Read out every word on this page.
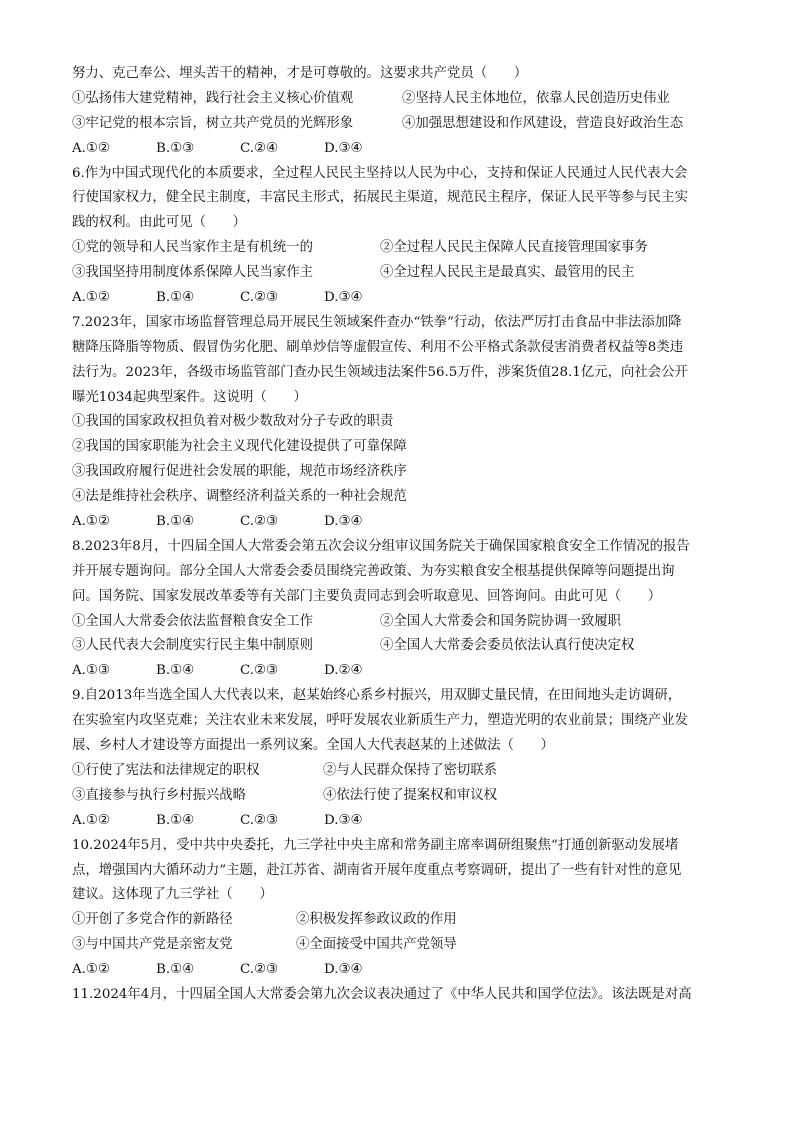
努力、克己奉公、埋头苦干的精神，才是可尊敬的。这要求共产党员（　　）
①弘扬伟大建党精神，践行社会主义核心价值观	②坚持人民主体地位，依靠人民创造历史伟业
③牢记党的根本宗旨，树立共产党员的光辉形象	④加强思想建设和作风建设，营造良好政治生态
A.①②	B.①③	C.②④	D.③④
6.作为中国式现代化的本质要求，全过程人民民主坚持以人民为中心，支持和保证人民通过人民代表大会
行使国家权力，健全民主制度，丰富民主形式，拓展民主渠道，规范民主程序，保证人民平等参与民主实
践的权利。由此可见（　　）
①党的领导和人民当家作主是有机统一的	②全过程人民民主保障人民直接管理国家事务
③我国坚持用制度体系保障人民当家作主	④全过程人民民主是最真实、最管用的民主
A.①②	B.①④	C.②③	D.③④
7.2023年，国家市场监督管理总局开展民生领域案件查办“铁拳”行动，依法严厉打击食品中非法添加降
糖降压降脂等物质、假冒伪劣化肥、刷单炒信等虚假宣传、利用不公平格式条款侵害消费者权益等8类违
法行为。2023年，各级市场监管部门查办民生领域违法案件56.5万件，涉案货值28.1亿元，向社会公开
曝光1034起典型案件。这说明（　　）
①我国的国家政权担负着对极少数敌对分子专政的职责
②我国的国家职能为社会主义现代化建设提供了可靠保障
③我国政府履行促进社会发展的职能，规范市场经济秩序
④法是维持社会秩序、调整经济利益关系的一种社会规范
A.①②	B.①④	C.②③	D.③④
8.2023年8月，十四届全国人大常委会第五次会议分组审议国务院关于确保国家粮食安全工作情况的报告
并开展专题询问。部分全国人大常委会委员围绕完善政策、为夯实粮食安全根基提供保障等问题提出询
问。国务院、国家发展改革委等有关部门主要负责同志到会听取意见、回答询问。由此可见（　　）
①全国人大常委会依法监督粮食安全工作	②全国人大常委会和国务院协调一致履职
③人民代表大会制度实行民主集中制原则	④全国人大常委会委员依法认真行使决定权
A.①③	B.①④	C.②③	D.②④
9.自2013年当选全国人大代表以来，赵某始终心系乡村振兴，用双脚丈量民情，在田间地头走访调研，
在实验室内攻坚克难；关注农业未来发展，呼吁发展农业新质生产力，塑造光明的农业前景；围绕产业发
展、乡村人才建设等方面提出一系列议案。全国人大代表赵某的上述做法（　　）
①行使了宪法和法律规定的职权	②与人民群众保持了密切联系
③直接参与执行乡村振兴战略	④依法行使了提案权和审议权
A.①②	B.①④	C.②③	D.③④
10.2024年5月，受中共中央委托，九三学社中央主席和常务副主席率调研组聚焦“打通创新驱动发展堵
点，增强国内大循环动力”主题，赴江苏省、湖南省开展年度重点考察调研，提出了一些有针对性的意见
建议。这体现了九三学社（　　）
①开创了多党合作的新路径	②积极发挥参政议政的作用
③与中国共产党是亲密友党	④全面接受中国共产党领导
A.①②	B.①④	C.②③	D.③④
11.2024年4月，十四届全国人大常委会第九次会议表决通过了《中华人民共和国学位法》。该法既是对高
